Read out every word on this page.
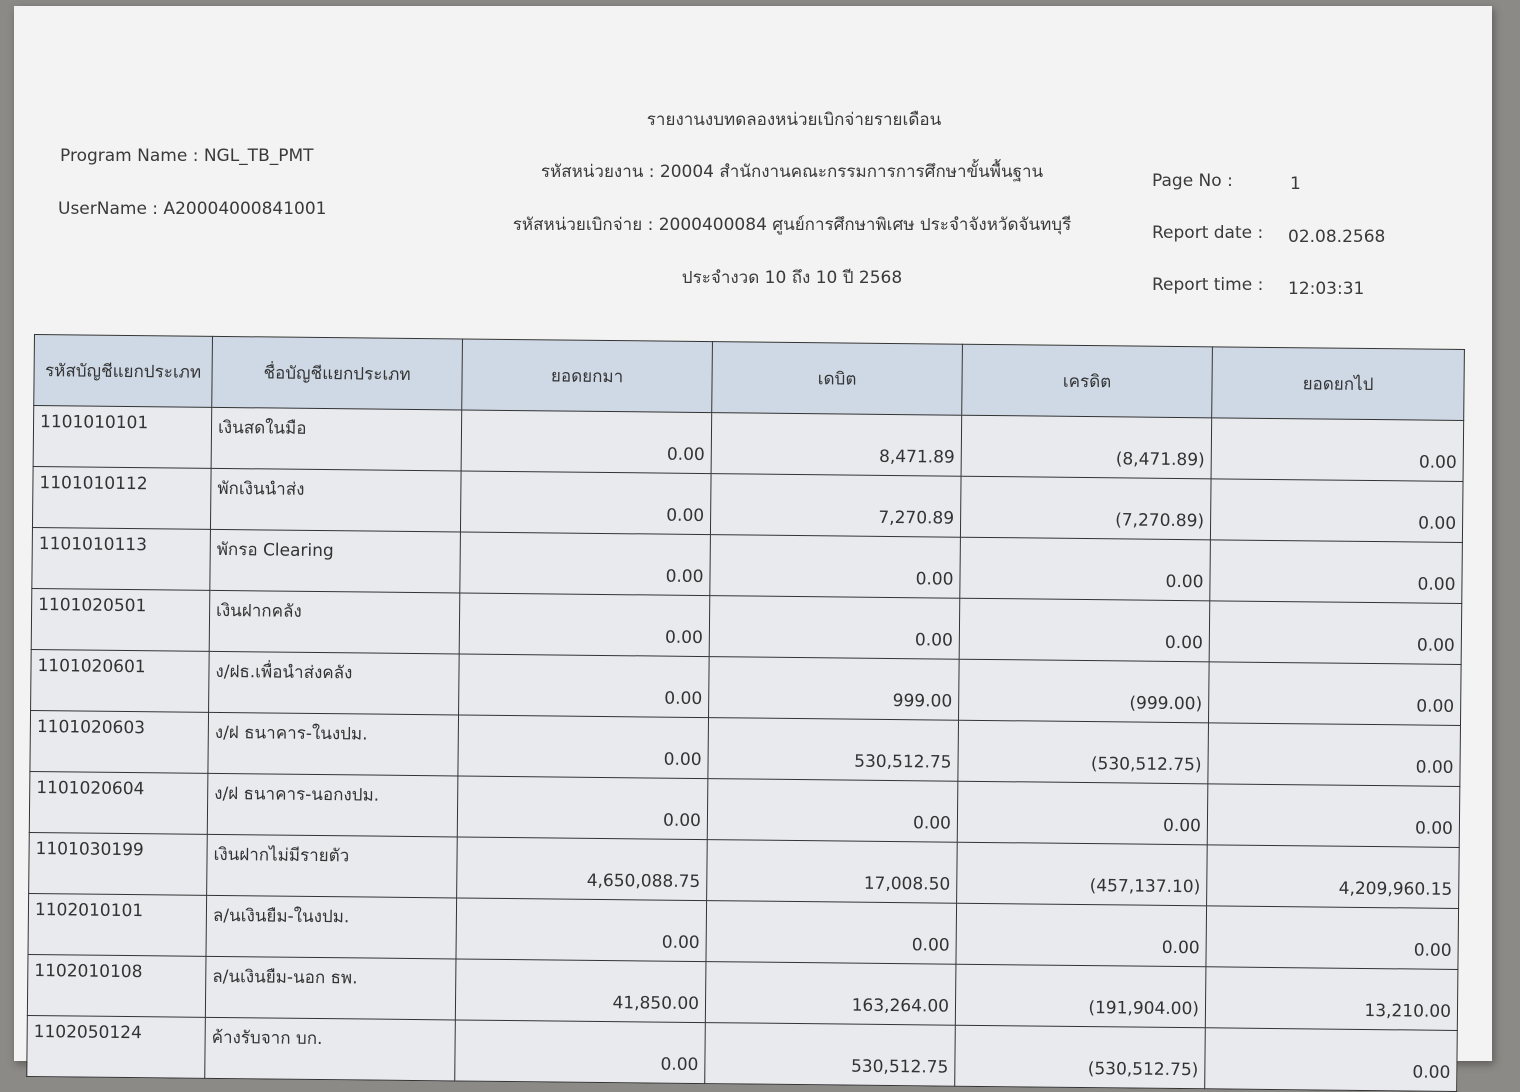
รายงานงบทดลองหน่วยเบิกจ่ายรายเดือน
Program Name : NGL_TB_PMT
UserName : A20004000841001
รหัสหน่วยงาน : 20004 สำนักงานคณะกรรมการการศึกษาขั้นพื้นฐาน
รหัสหน่วยเบิกจ่าย : 2000400084 ศูนย์การศึกษาพิเศษ ประจำจังหวัดจันทบุรี
ประจำงวด 10 ถึง 10 ปี 2568
Page No :	1
Report date : 02.08.2568
Report time : 12:03:31
รหัสบัญชีแยกประเภท	ชื่อบัญชีแยกประเภท	ยอดยกมา	เดบิต	เครดิต	ยอดยกไป
1101010101	เงินสดในมือ	0.00	8,471.89	(8,471.89)	0.00
1101010112	พักเงินนำส่ง	0.00	7,270.89	(7,270.89)	0.00
1101010113	พักรอ Clearing	0.00	0.00	0.00	0.00
1101020501	เงินฝากคลัง	0.00	0.00	0.00	0.00
1101020601	ง/ฝธ.เพื่อนำส่งคลัง	0.00	999.00	(999.00)	0.00
1101020603	ง/ฝ ธนาคาร-ในงปม.	0.00	530,512.75	(530,512.75)	0.00
1101020604	ง/ฝ ธนาคาร-นอกงปม.	0.00	0.00	0.00	0.00
1101030199	เงินฝากไม่มีรายตัว	4,650,088.75	17,008.50	(457,137.10)	4,209,960.15
1102010101	ล/นเงินยืม-ในงปม.	0.00	0.00	0.00	0.00
1102010108	ล/นเงินยืม-นอก ธพ.	41,850.00	163,264.00	(191,904.00)	13,210.00
1102050124	ค้างรับจาก บก.	0.00	530,512.75	(530,512.75)	0.00
